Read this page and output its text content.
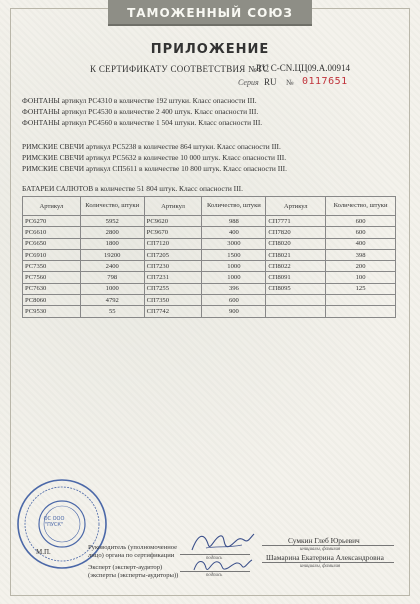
ТАМОЖЕННЫЙ СОЮЗ
ПРИЛОЖЕНИЕ
К СЕРТИФИКАТУ СООТВЕТСТВИЯ №ТС
RU C-CN.ЦЦ09.A.00914
Серия RU № 0117651
ФОНТАНЫ артикул РС4310 в количестве 192 штуки. Класс опасности III.
ФОНТАНЫ артикул РС4530 в количестве 2 400 штук. Класс опасности III.
ФОНТАНЫ артикул РС4560 в количестве 1 504 штуки. Класс опасности III.
РИМСКИЕ СВЕЧИ артикул РС5238 в количестве 864 штуки. Класс опасности III.
РИМСКИЕ СВЕЧИ артикул РС5632 в количестве 10 000 штук. Класс опасности III.
РИМСКИЕ СВЕЧИ артикул СП5611 в количестве 10 800 штук. Класс опасности III.
БАТАРЕИ САЛЮТОВ в количестве 51 804 штук. Класс опасности III.
Артикул	Количество, штуки	Артикул	Количество, штуки	Артикул	Количество, штуки

РС6270	5952	РС9620	988	СП7771	600
РС6610	2800	РС9670	400	СП7820	600
РС6650	1800	СП7120	3000	СП8020	400
РС6910	19200	СП7205	1500	СП8021	398
РС7350	2400	СП7230	1000	СП8022	200
РС7560	798	СП7231	1000	СП8091	100
РС7630	1000	СП7255	396	СП8095	125
РС8060	4792	СП7350	600		
РС9530	55	СП7742	900		
ОС ООО "ПУСК"
М.П.
Руководитель (уполномоченное
лицо) органа по сертификации	подпись
Сумкин Глеб Юрьевич
инициалы, фамилия
Эксперт (эксперт-аудитор)
(эксперты (эксперты-аудиторы))	подпись
Шамарина Екатерина Александровна
инициалы, фамилия
